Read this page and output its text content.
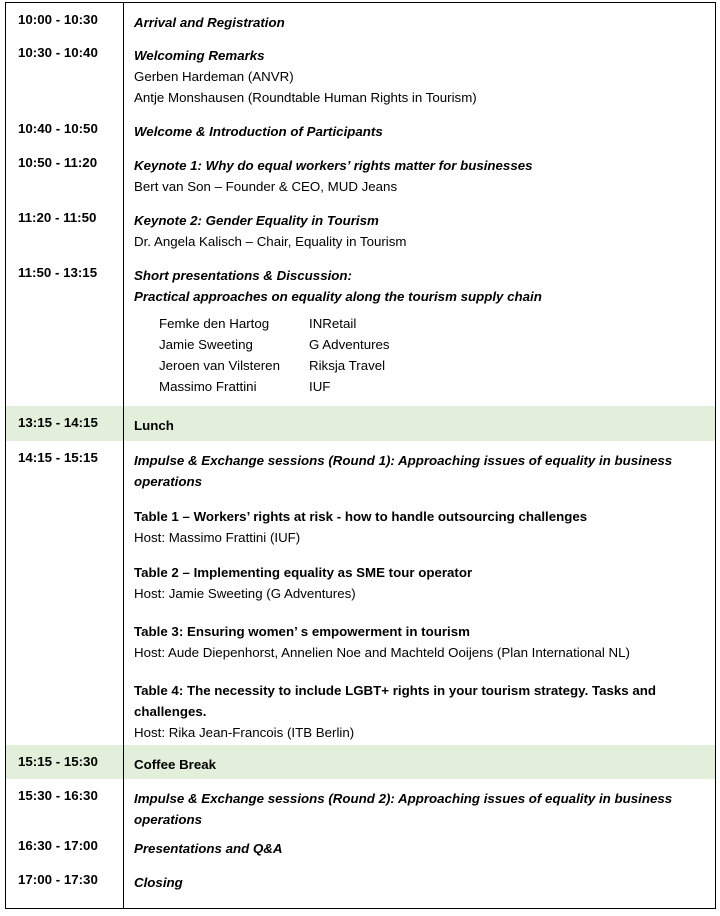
10:00 - 10:30	Arrival and Registration
10:30 - 10:40	Welcoming Remarks
Gerben Hardeman (ANVR)
Antje Monshausen (Roundtable Human Rights in Tourism)
10:40 - 10:50	Welcome & Introduction of Participants
10:50 - 11:20	Keynote 1: Why do equal workers’ rights matter for businesses
Bert van Son – Founder & CEO, MUD Jeans
11:20 - 11:50	Keynote 2: Gender Equality in Tourism
Dr. Angela Kalisch – Chair, Equality in Tourism
11:50 - 13:15	Short presentations & Discussion:
Practical approaches on equality along the tourism supply chain
Femke den Hartog	INRetail
Jamie Sweeting	G Adventures
Jeroen van Vilsteren	Riksja Travel
Massimo Frattini	IUF
13:15 - 14:15	Lunch
14:15 - 15:15	Impulse & Exchange sessions (Round 1): Approaching issues of equality in business operations
Table 1 – Workers’ rights at risk - how to handle outsourcing challenges
Host: Massimo Frattini (IUF)
Table 2 – Implementing equality as SME tour operator
Host: Jamie Sweeting (G Adventures)
Table 3: Ensuring women’ s empowerment in tourism
Host: Aude Diepenhorst, Annelien Noe and Machteld Ooijens (Plan International NL)
Table 4: The necessity to include LGBT+ rights in your tourism strategy. Tasks and challenges.
Host: Rika Jean-Francois (ITB Berlin)
15:15 - 15:30	Coffee Break
15:30 - 16:30	Impulse & Exchange sessions (Round 2): Approaching issues of equality in business operations
16:30 - 17:00	Presentations and Q&A
17:00 - 17:30	Closing
